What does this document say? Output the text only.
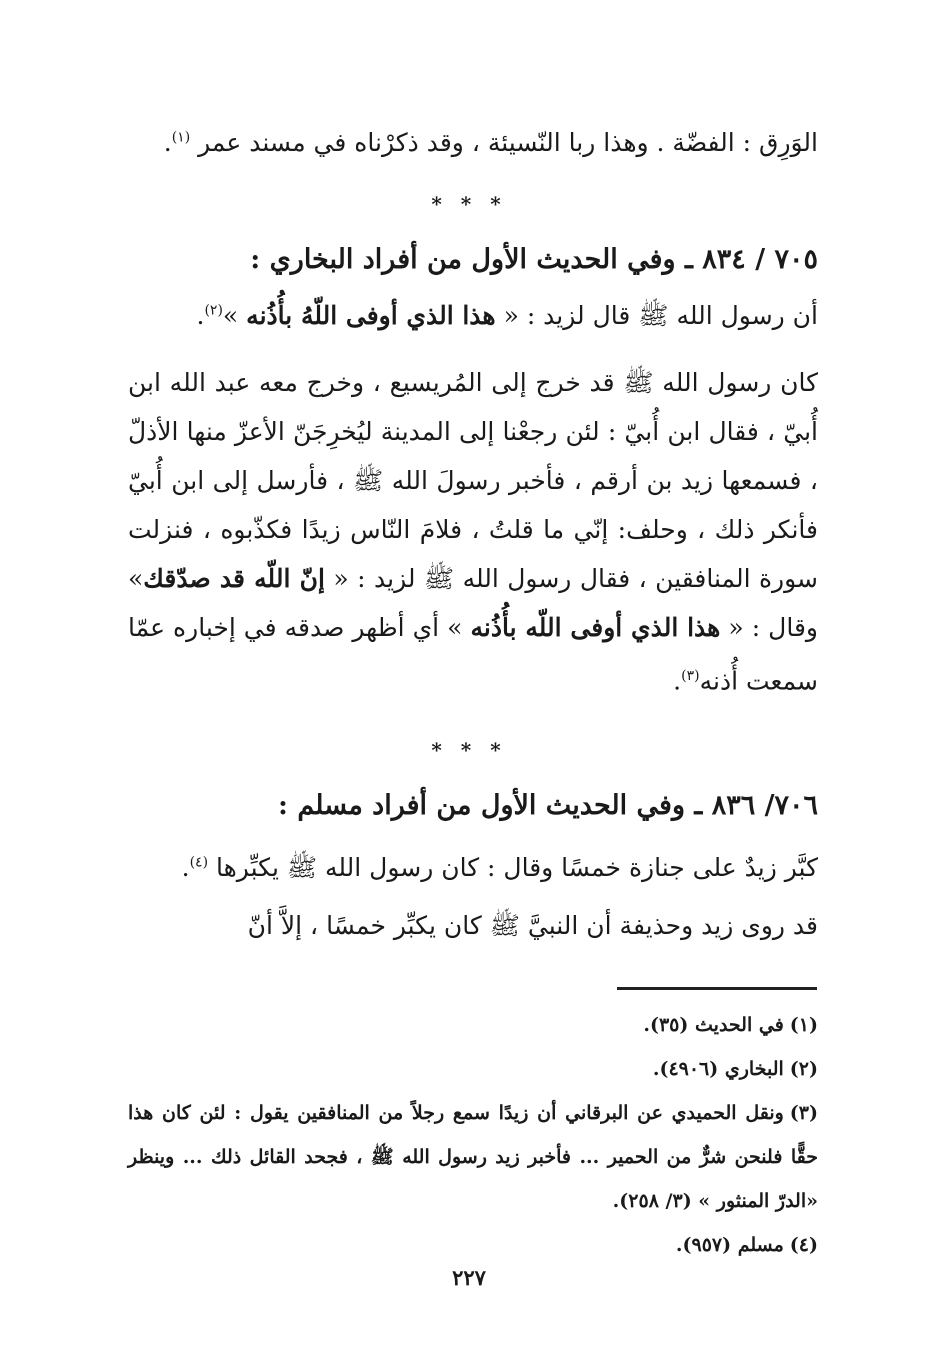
الوَرِق : الفضّة . وهذا ربا النّسيئة ، وقد ذكرْناه في مسند عمر $^{(١)}$.
* * *
٧٠٥ / ٨٣٤ ـ وفي الحديث الأول من أفراد البخاري :
أن رسول الله ﷺ قال لزيد : « هذا الذي أوفى اللّهُ بأُذُنه »$^{(٢)}$.
كان رسول الله ﷺ قد خرج إلى المُريسيع ، وخرج معه عبد الله ابن أُبيّ ، فقال ابن أُبيّ : لئن رجعْنا إلى المدينة ليُخرِجَنّ الأعزّ منها الأذلّ ، فسمعها زيد بن أرقم ، فأخبر رسولَ الله ﷺ ، فأرسل إلى ابن أُبيّ فأنكر ذلك ، وحلف: إنّي ما قلتُ ، فلامَ النّاس زيدًا فكذّبوه ، فنزلت سورة المنافقين ، فقال رسول الله ﷺ لزيد : « إنّ اللّه قد صدّقك» وقال : « هذا الذي أوفى اللّه بأُذُنه » أي أظهر صدقه في إخباره عمّا سمعت أُذنه$^{(٣)}$.
* * *
٧٠٦/ ٨٣٦ ـ وفي الحديث الأول من أفراد مسلم :
كبَّر زيدٌ على جنازة خمسًا وقال : كان رسول الله ﷺ يكبِّرها $^{(٤)}$.
قد روى زيد وحذيفة أن النبيَّ ﷺ كان يكبِّر خمسًا ، إلاَّ أنّ
(١)في الحديث (٣٥).
(٢)البخاري (٤٩٠٦).
(٣)ونقل الحميدي عن البرقاني أن زيدًا سمع رجلاً من المنافقين يقول : لئن كان هذا حقًّا فلنحن شرٌّ من الحمير ... فأخبر زيد رسول الله ﷺ ، فجحد القائل ذلك ... وينظر «الدرّ المنثور » (٣/ ٢٥٨).
(٤)مسلم (٩٥٧).
٢٢٧
